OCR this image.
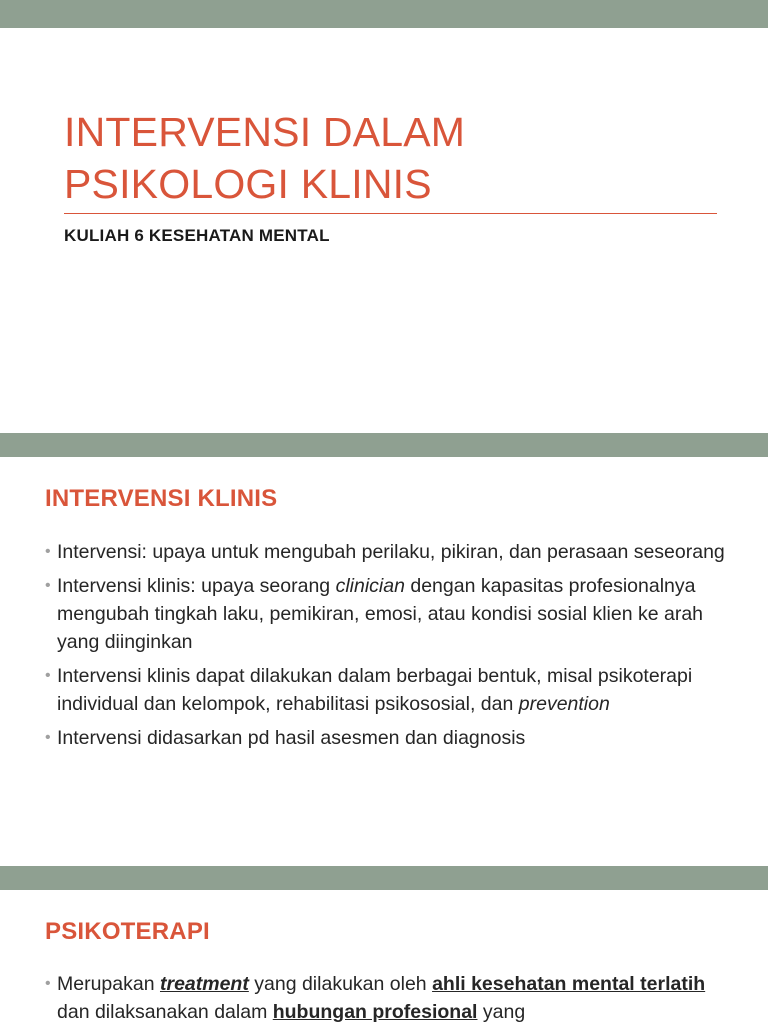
INTERVENSI DALAM
PSIKOLOGI KLINIS

KULIAH 6 KESEHATAN MENTAL

INTERVENSI KLINIS
• Intervensi: upaya untuk mengubah perilaku, pikiran, dan perasaan seseorang
• Intervensi klinis: upaya seorang clinician dengan kapasitas profesionalnya mengubah tingkah laku, pemikiran, emosi, atau kondisi sosial klien ke arah yang diinginkan
• Intervensi klinis dapat dilakukan dalam berbagai bentuk, misal psikoterapi individual dan kelompok, rehabilitasi psikososial, dan prevention
• Intervensi didasarkan pd hasil asesmen dan diagnosis
PSIKOTERAPI
• Merupakan treatment yang dilakukan oleh ahli kesehatan mental terlatih dan dilaksanakan dalam hubungan profesional yang
